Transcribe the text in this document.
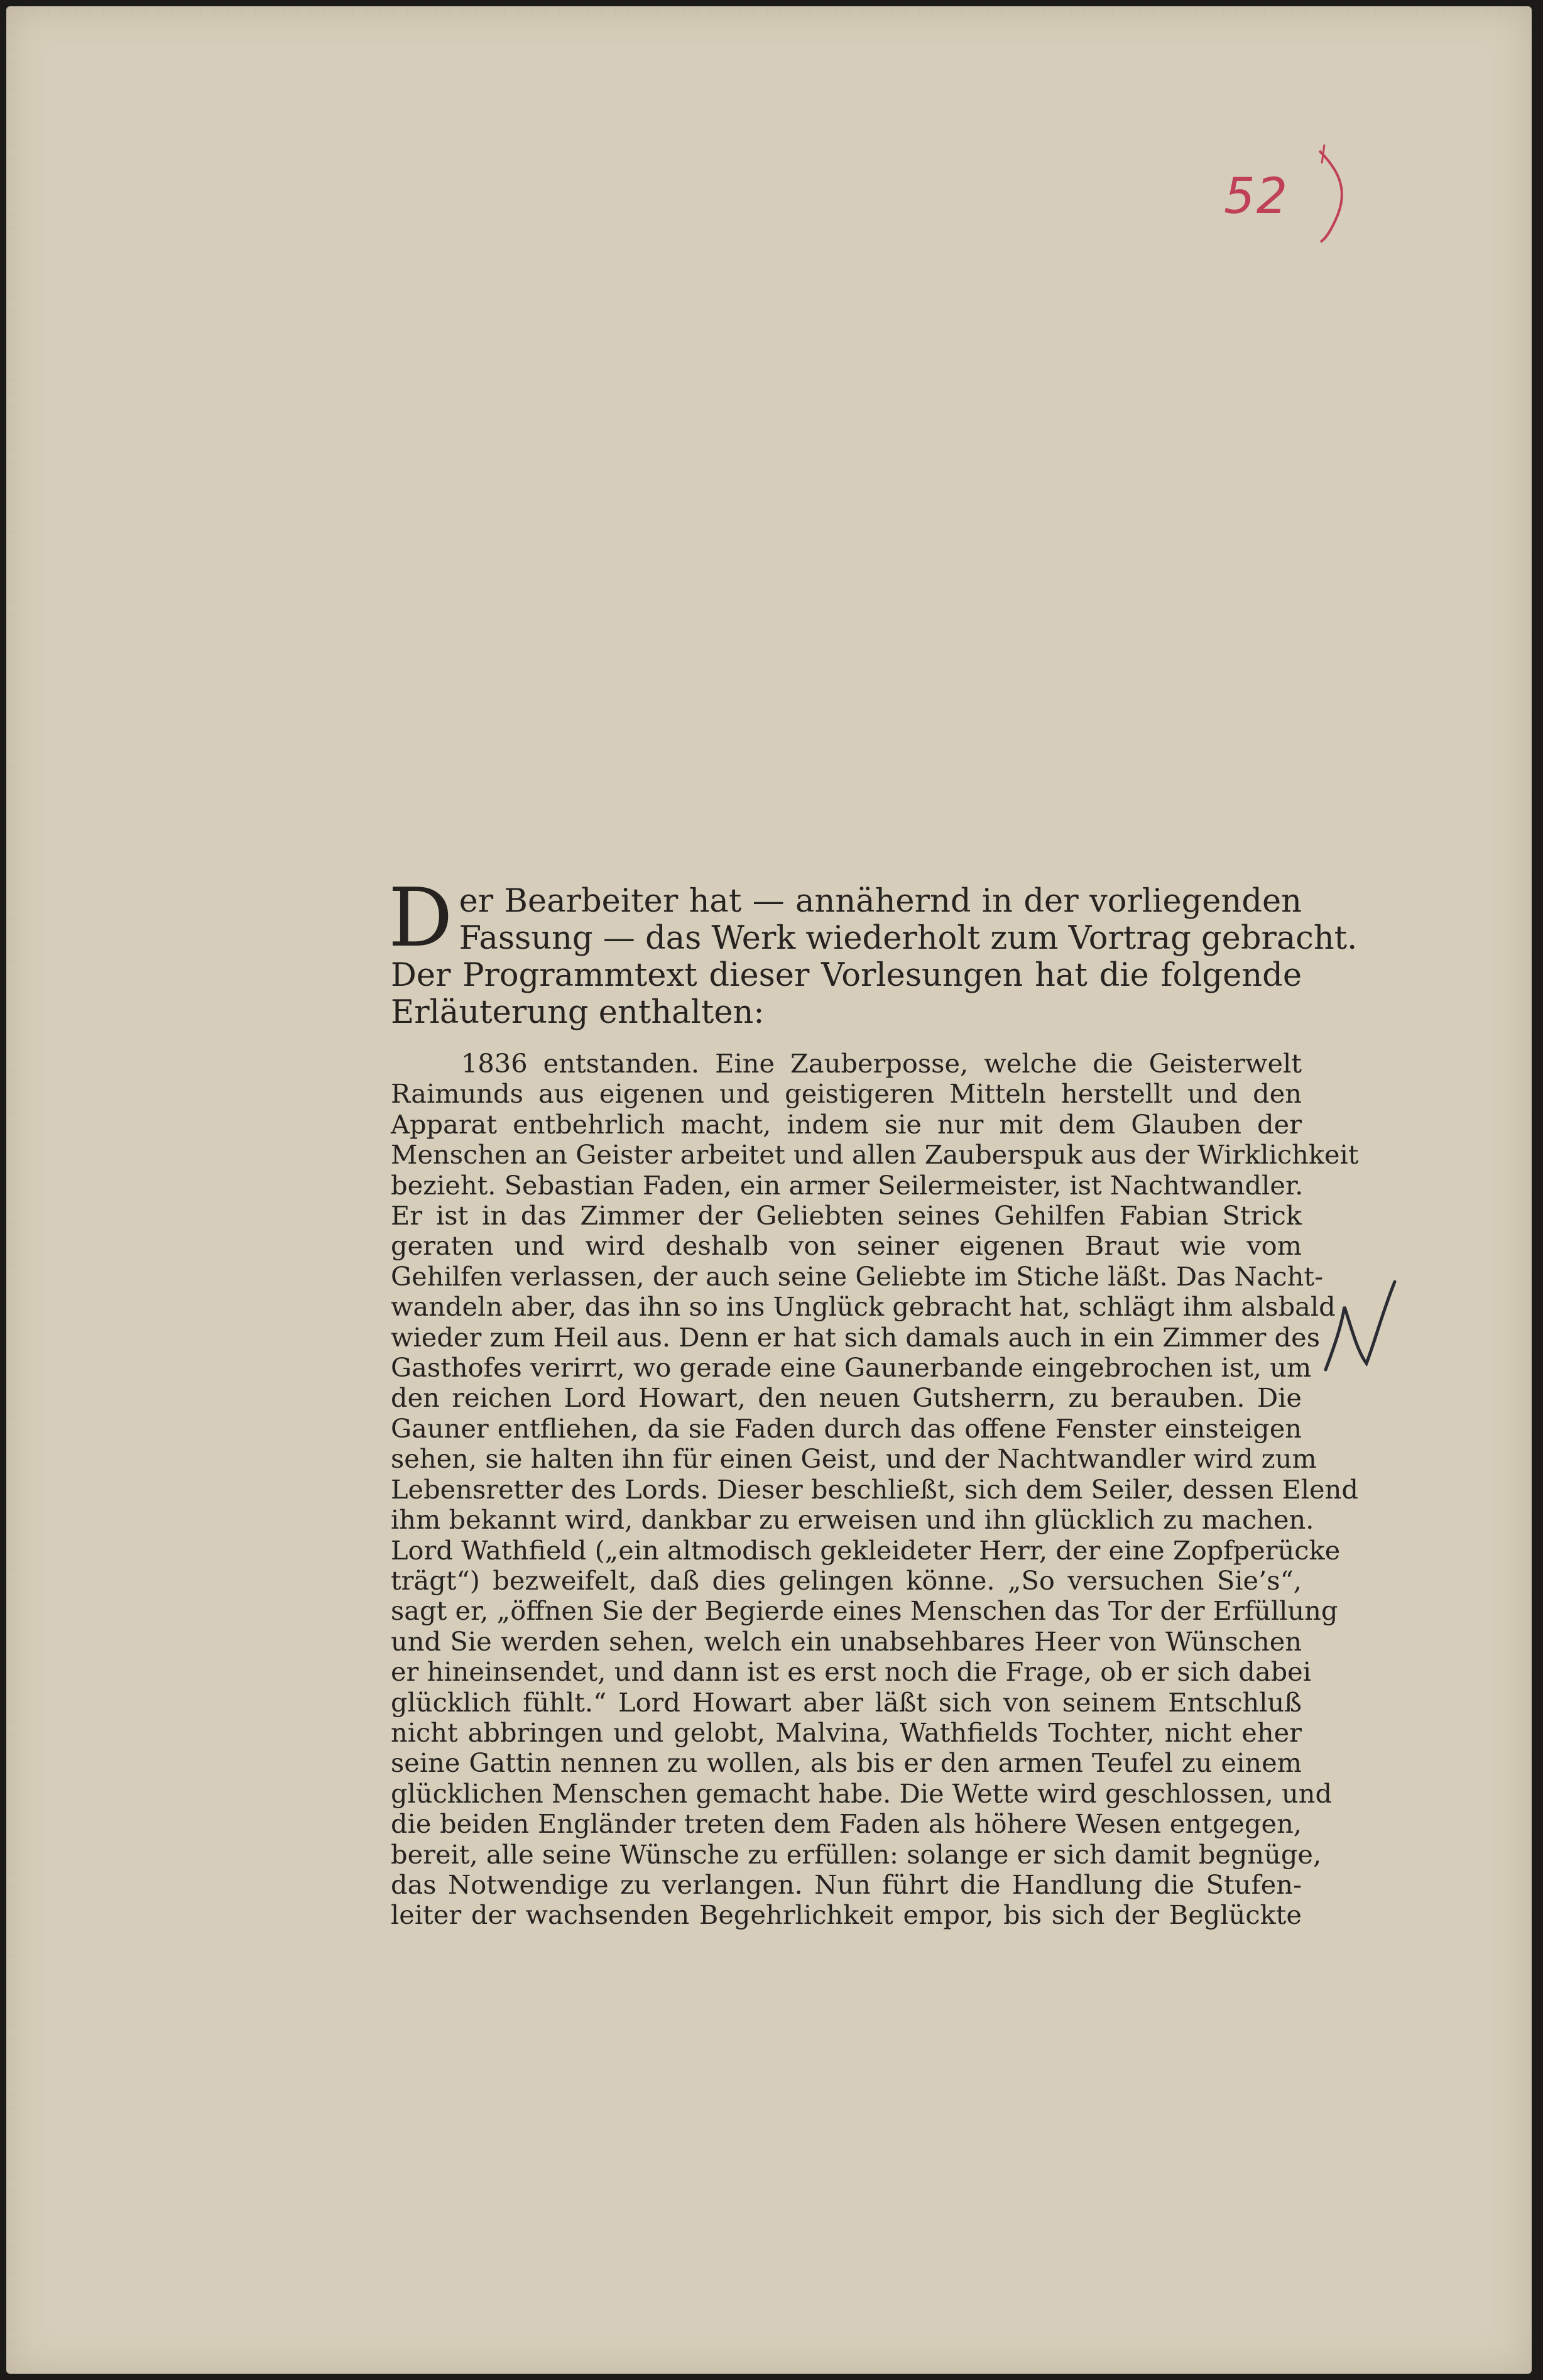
52
D er Bearbeiter hat — annähernd in der vorliegenden
Fassung — das Werk wiederholt zum Vortrag gebracht.
Der Programmtext dieser Vorlesungen hat die folgende
Erläuterung enthalten:
1836 entstanden. Eine Zauberposse, welche die Geisterwelt
Raimunds aus eigenen und geistigeren Mitteln herstellt und den
Apparat entbehrlich macht, indem sie nur mit dem Glauben der
Menschen an Geister arbeitet und allen Zauberspuk aus der Wirklichkeit
bezieht. Sebastian Faden, ein armer Seilermeister, ist Nachtwandler.
Er ist in das Zimmer der Geliebten seines Gehilfen Fabian Strick
geraten und wird deshalb von seiner eigenen Braut wie vom
Gehilfen verlassen, der auch seine Geliebte im Stiche läßt. Das Nacht-
wandeln aber, das ihn so ins Unglück gebracht hat, schlägt ihm alsbald
wieder zum Heil aus. Denn er hat sich damals auch in ein Zimmer des
Gasthofes verirrt, wo gerade eine Gaunerbande eingebrochen ist, um
den reichen Lord Howart, den neuen Gutsherrn, zu berauben. Die
Gauner entfliehen, da sie Faden durch das offene Fenster einsteigen
sehen, sie halten ihn für einen Geist, und der Nachtwandler wird zum
Lebensretter des Lords. Dieser beschließt, sich dem Seiler, dessen Elend
ihm bekannt wird, dankbar zu erweisen und ihn glücklich zu machen.
Lord Wathfield („ein altmodisch gekleideter Herr, der eine Zopfperücke
trägt“) bezweifelt, daß dies gelingen könne. „So versuchen Sie’s“,
sagt er, „öffnen Sie der Begierde eines Menschen das Tor der Erfüllung
und Sie werden sehen, welch ein unabsehbares Heer von Wünschen
er hineinsendet, und dann ist es erst noch die Frage, ob er sich dabei
glücklich fühlt.“ Lord Howart aber läßt sich von seinem Entschluß
nicht abbringen und gelobt, Malvina, Wathfields Tochter, nicht eher
seine Gattin nennen zu wollen, als bis er den armen Teufel zu einem
glücklichen Menschen gemacht habe. Die Wette wird geschlossen, und
die beiden Engländer treten dem Faden als höhere Wesen entgegen,
bereit, alle seine Wünsche zu erfüllen: solange er sich damit begnüge,
das Notwendige zu verlangen. Nun führt die Handlung die Stufen-
leiter der wachsenden Begehrlichkeit empor, bis sich der Beglückte
